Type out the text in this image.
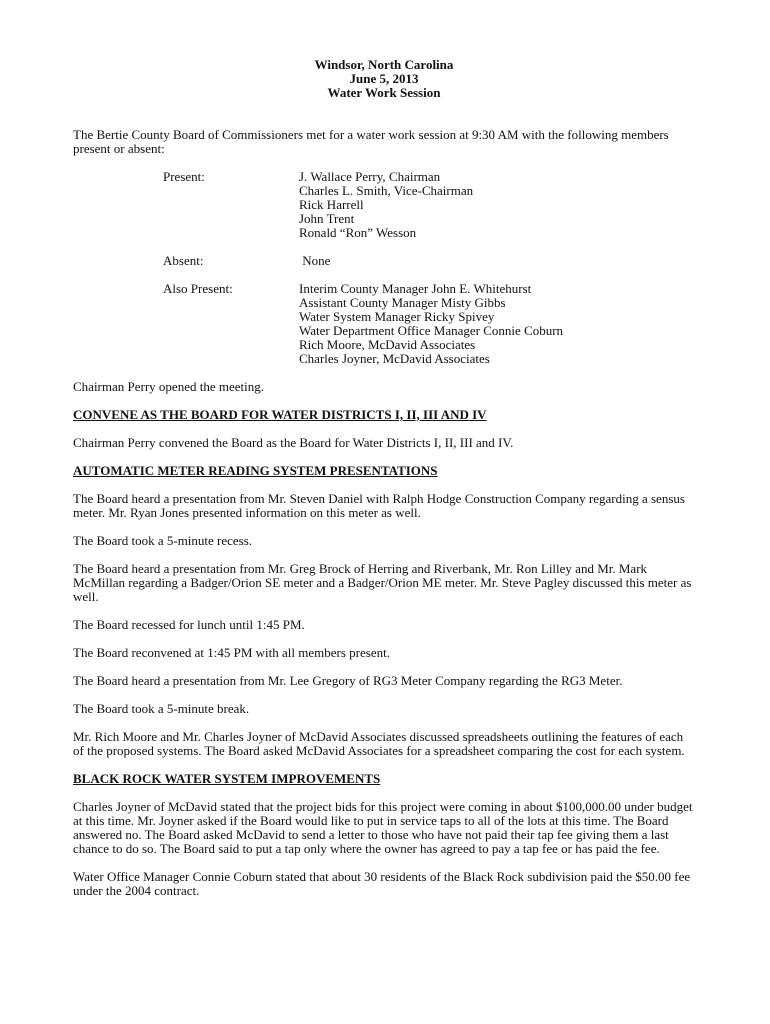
Windsor, North Carolina
June 5, 2013
Water Work Session

The Bertie County Board of Commissioners met for a water work session at 9:30 AM with the following members present or absent:

Present:	J. Wallace Perry, Chairman
Charles L. Smith, Vice-Chairman
Rick Harrell
John Trent
Ronald “Ron” Wesson
Absent:	None
Also Present:	Interim County Manager John E. Whitehurst
Assistant County Manager Misty Gibbs
Water System Manager Ricky Spivey
Water Department Office Manager Connie Coburn
Rich Moore, McDavid Associates
Charles Joyner, McDavid Associates

Chairman Perry opened the meeting.

CONVENE AS THE BOARD FOR WATER DISTRICTS I, II, III AND IV

Chairman Perry convened the Board as the Board for Water Districts I, II, III and IV.

AUTOMATIC METER READING SYSTEM PRESENTATIONS

The Board heard a presentation from Mr. Steven Daniel with Ralph Hodge Construction Company regarding a sensus meter. Mr. Ryan Jones presented information on this meter as well.

The Board took a 5-minute recess.

The Board heard a presentation from Mr. Greg Brock of Herring and Riverbank, Mr. Ron Lilley and Mr. Mark McMillan regarding a Badger/Orion SE meter and a Badger/Orion ME meter. Mr. Steve Pagley discussed this meter as well.

The Board recessed for lunch until 1:45 PM.

The Board reconvened at 1:45 PM with all members present.

The Board heard a presentation from Mr. Lee Gregory of RG3 Meter Company regarding the RG3 Meter.

The Board took a 5-minute break.

Mr. Rich Moore and Mr. Charles Joyner of McDavid Associates discussed spreadsheets outlining the features of each of the proposed systems. The Board asked McDavid Associates for a spreadsheet comparing the cost for each system.

BLACK ROCK WATER SYSTEM IMPROVEMENTS

Charles Joyner of McDavid stated that the project bids for this project were coming in about $100,000.00 under budget at this time. Mr. Joyner asked if the Board would like to put in service taps to all of the lots at this time. The Board answered no. The Board asked McDavid to send a letter to those who have not paid their tap fee giving them a last chance to do so. The Board said to put a tap only where the owner has agreed to pay a tap fee or has paid the fee.

Water Office Manager Connie Coburn stated that about 30 residents of the Black Rock subdivision paid the $50.00 fee under the 2004 contract.
